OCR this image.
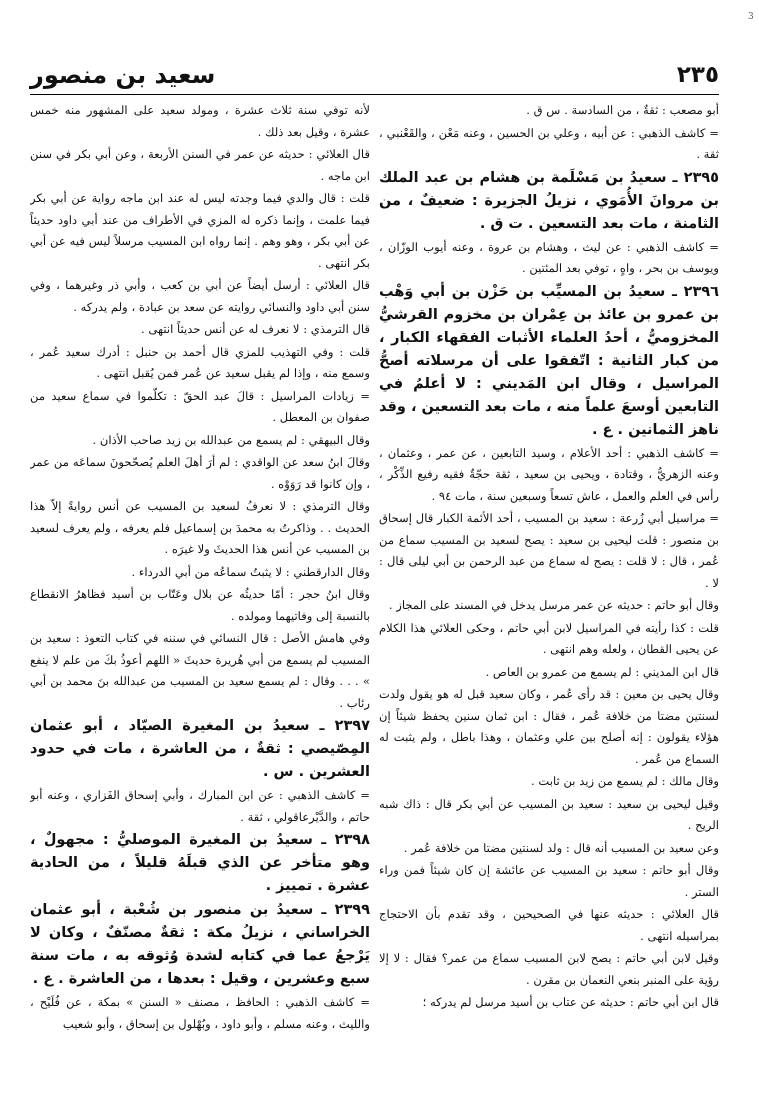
3
٢٣٥
سعيد بن منصور

أبو مصعب : ثقةٌ ، من السادسة . س ق .

= كاشف الذهبي : عن أبيه ، وعلي بن الحسين ، وعنه مَعْن ، والقَعْنبي ، ثقة .

٢٣٩٥ ـ سعيدُ بن مَسْلَمة بن هشام بن عبد الملك بن مروانَ الأُمَوي ، نزيلُ الجزيرة : ضعيفٌ ، من الثامنة ، مات بعد التسعين . ت ق .

= كاشف الذهبي : عن ليث ، وهشام بن عروة ، وعنه أيوب الوزّان ، ويوسف بن بحر ، واهٍ ، توفي بعد المئتين .

٢٣٩٦ ـ سعيدُ بن المسيِّب بن حَزْن بن أبي وَهْب بن عمرو بن عائذ بن عِمْران بن مخزوم القرشيُّ المخزوميُّ ، أحدُ العلماء الأثبات الفقهاء الكبار ، من كبار الثانية : اتّفقوا على أن مرسلاته أصحُّ المراسيل ، وقال ابن المَديني : لا أعلمُ في التابعين أوسعَ علماً منه ، مات بعد التسعين ، وقد ناهز الثمانين . ع .

= كاشف الذهبي : أحد الأعلام ، وسيد التابعين ، عن عمر ، وعثمان ، وعنه الزهريُّ ، وقتادة ، ويحيى بن سعيد ، ثقة حجّةٌ فقيه رفيع الذِّكْر ، رأس في العلم والعمل ، عاش تسعاً وسبعين سنة ، مات ٩٤ .

= مراسيل أبي زُرعة : سعيد بن المسيب ، أحد الأئمة الكبار قال إسحاق بن منصور : قلت ليحيى بن سعيد : يصح لسعيد بن المسيب سماع من عُمر ، قال : لا قلت : يصح له سماع من عبد الرحمن بن أبي ليلى قال : لا .

وقال أبو حاتم : حديثه عن عمر مرسل يدخل في المسند على المجاز .

قلت : كذا رأيته في المراسيل لابن أبي حاتم ، وحكى العلائي هذا الكلام عن يحيى القطان ، ولعله وهم انتهى .

قال ابن المديني : لم يسمع من عمرو بن العاص .

وقال يحيى بن معين : قد رأى عُمر ، وكان سعيد قبل له هو يقول ولدت لسنتين مضتا من خلافة عُمر ، فقال : ابن ثمان سنين يحفظ شيئاً إن هؤلاء يقولون : إنه أصلح بين علي وعثمان ، وهذا باطل ، ولم يثبت له السماع من عُمر .

وقال مالك : لم يسمع من زيد بن ثابت .

وقيل ليحيى بن سعيد : سعيد بن المسيب عن أبي بكر قال : ذاك شبه الريح .

وعن سعيد بن المسيب أنه قال : ولد لسنتين مضتا من خلافة عُمر .

وقال أبو حاتم : سعيد بن المسيب عن عائشة إن كان شيئاً فمن وراء الستر .

قال العلائي : حديثه عنها في الصحيحين ، وقد تقدم بأن الاحتجاج بمراسيله انتهى .

وقيل لابن أبي حاتم : يصح لابن المسيب سماع من عمر؟ فقال : لا إلا رؤية على المنبر بنعي النعمان بن مقرن .

قال ابن أبي حاتم : حديثه عن عتاب بن أسيد مرسل لم يدركه ؛

لأنه توفي سنة ثلاث عشرة ، ومولد سعيد على المشهور منه خمس عشرة ، وقيل بعد ذلك .

قال العلائي : حديثه عن عمر في السنن الأربعة ، وعن أبي بكر في سنن ابن ماجه .

قلت : قال والدي فيما وجدته ليس له عند ابن ماجه رواية عن أبي بكر فيما علمت ، وإنما ذكره له المزي في الأطراف من عند أبي داود حديثاً عن أبي بكر ، وهو وهم . إنما رواه ابن المسيب مرسلاً ليس فيه عن أبي بكر انتهى .

قال العلائي : أرسل أيضاً عن أبي بن كعب ، وأبي ذر وغيرهما ، وفي سنن أبي داود والنسائي روايته عن سعد بن عبادة ، ولم يدركه .

قال الترمذي : لا نعرف له عن أنس حديثاً انتهى .

قلت : وفي التهذيب للمزي قال أحمد بن حنبل : أدرك سعيد عُمر ، وسمع منه ، وإذا لم يقبل سعيد عن عُمر فمن يُقبل انتهى .

= زيادات المراسيل : قالَ عبد الحقّ : تكلّموا في سماع سعيد من صفوان بن المعطل .

وقال البيهقي : لم يسمع من عبدالله بن زيد صاحب الأذان .

وقالَ ابنُ سعد عن الواقدي : لم أرَ أهلَ العلم يُصحّحونَ سماعَه من عمر ، وإن كانوا قد رَوَوْه .

وقال الترمذي : لا نعرفُ لسعيد بن المسيب عن أنس روايةً إلاّ هذا الحديث . . وذاكرتُ به محمدَ بن إسماعيل فلم يعرفه ، ولم يعرف لسعيد بن المسيب عن أنس هذا الحديثَ ولا غيرَه .

وقال الدارقطني : لا يثبتُ سماعُه من أبي الدرداء .

وقال ابنُ حجر : أمّا حديثُه عن بلال وعَتّاب بن أسيد فظاهرُ الانقطاع بالنسبة إلى وفاتيهما ومولده .

وفي هامش الأصل : قال النسائي في سننه في كتاب التعوذ : سعيد بن المسيب لم يسمع من أبي هُريرة حديثَ « اللهم أعوذُ بكَ من علم لا ينفع » . . . وقال : لم يسمع سعيد بن المسيب من عبدالله بنَ محمد بن أبي رئاب .

٢٣٩٧ ـ سعيدُ بن المغيرة الصيّاد ، أبو عثمان المِصّيصي : ثقةٌ ، من العاشرة ، مات في حدود العشرين . س .

= كاشف الذهبي : عن ابن المبارك ، وأبي إسحاق الفَزاري ، وعنه أبو حاتم ، والدَّيْرعاقولي ، ثقة .

٢٣٩٨ ـ سعيدُ بن المغيرة الموصليُّ : مجهولٌ ، وهو متأخر عن الذي قبلَهُ قليلاً ، من الحادية عشرة . تمييز .

٢٣٩٩ ـ سعيدُ بن منصور بن شُعْبة ، أبو عثمان الخراساني ، نزيلُ مكة : ثقةٌ مصنّفٌ ، وكان لا يَرْجعُ عما في كتابه لشدة وُثوقه به ، مات سنة سبع وعشرين ، وقيل : بعدها ، من العاشرة . ع .

= كاشف الذهبي : الحافظ ، مصنف « السنن » بمكة ، عن فُلَيْح ، والليث ، وعنه مسلم ، وأبو داود ، وبُهْلول بن إسحاق ، وأبو شعيب
